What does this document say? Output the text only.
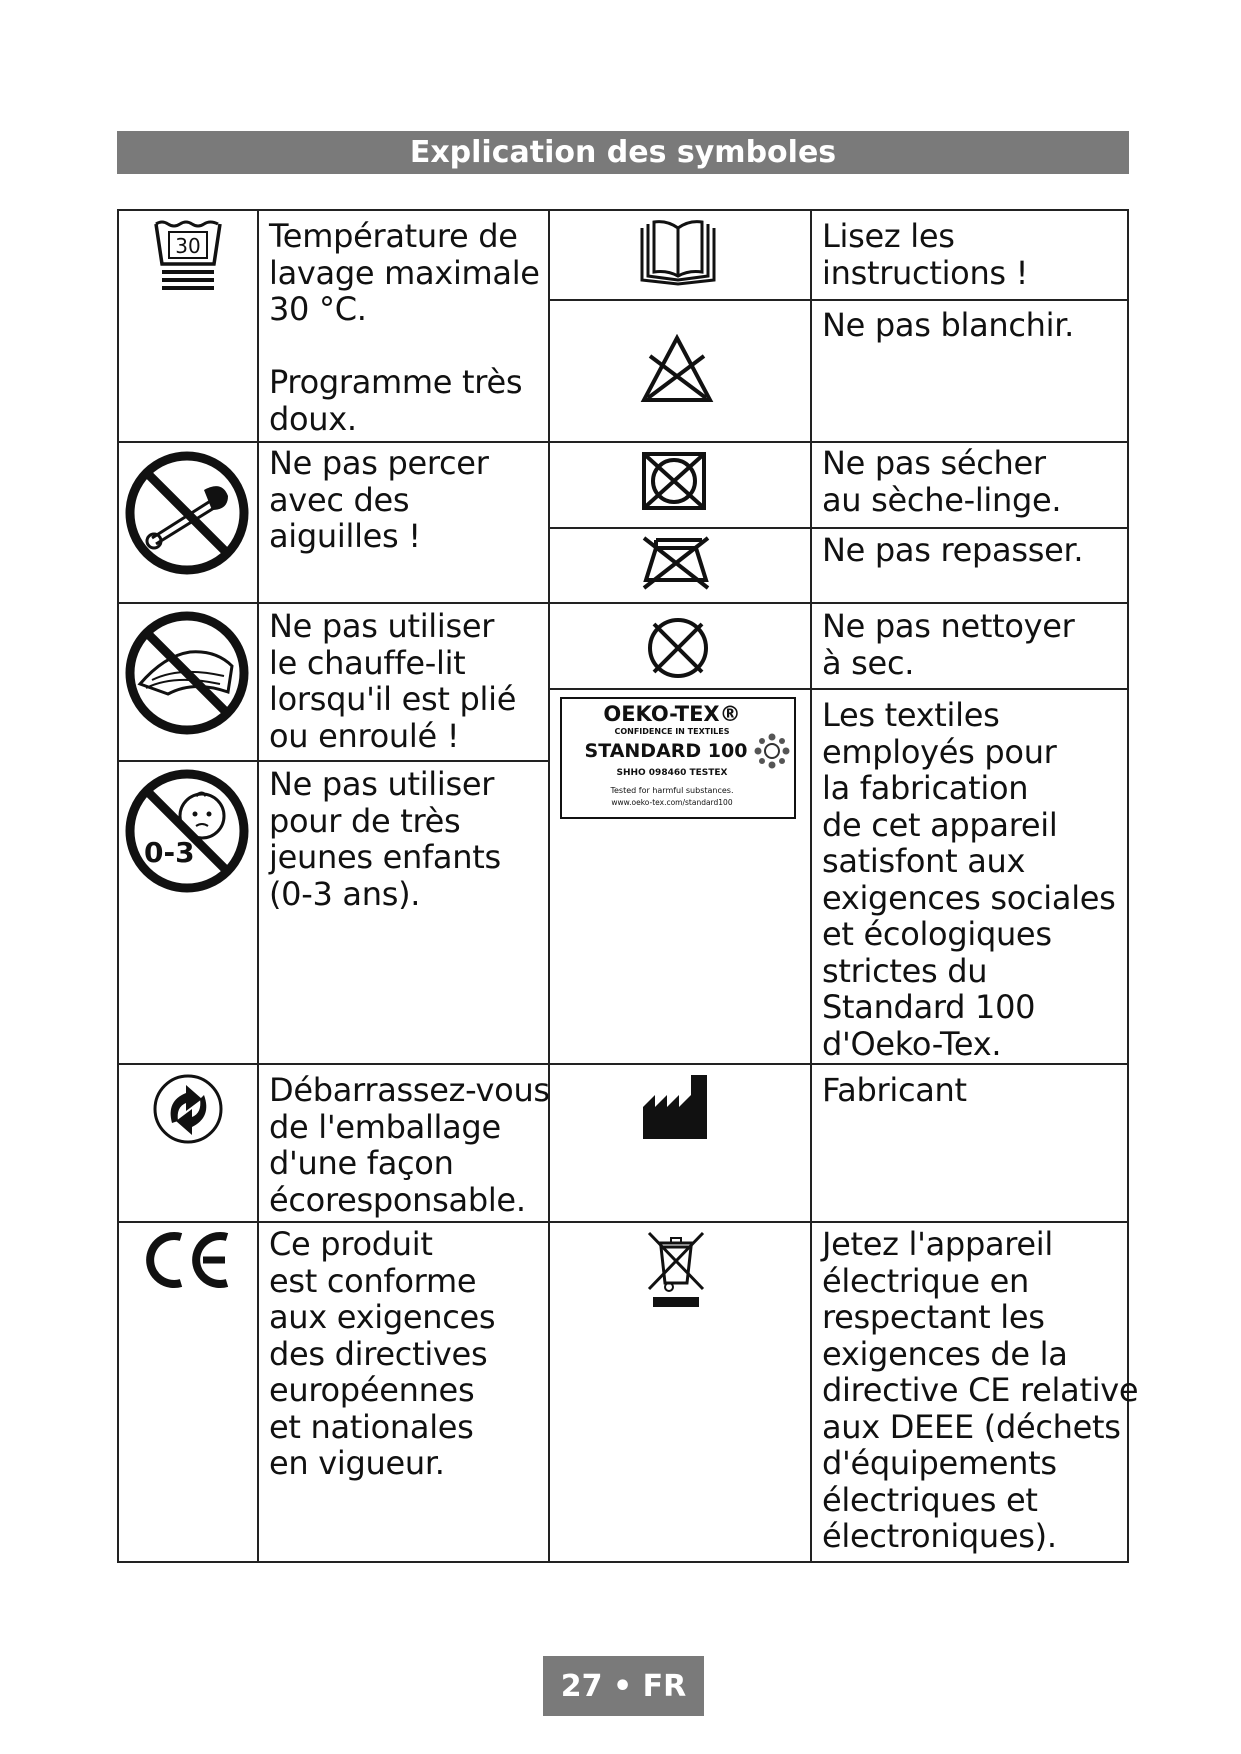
Explication des symboles
30 Température de
lavage maximale
30 °C.

Programme très
doux.
Lisez les
instructions !
Ne pas blanchir.
Ne pas percer
avec des
aiguilles !
Ne pas sécher
au sèche-linge.
Ne pas repasser.
Ne pas utiliser
le chauffe-lit
lorsqu'il est plié
ou enroulé !
Ne pas nettoyer
à sec.
0-3
Ne pas utiliser
pour de très
jeunes enfants
(0-3 ans).
OEKO-TEX®
CONFIDENCE IN TEXTILES
STANDARD 100
SHHO 098460 TESTEX
Tested for harmful substances.
www.oeko-tex.com/standard100
Les textiles
employés pour
la fabrication
de cet appareil
satisfont aux
exigences sociales
et écologiques
strictes du
Standard 100
d'Oeko-Tex.
Débarrassez-vous
de l'emballage
d'une façon
écoresponsable.
Fabricant
Ce produit
est conforme
aux exigences
des directives
européennes
et nationales
en vigueur.
Jetez l'appareil
électrique en
respectant les
exigences de la
directive CE relative
aux DEEE (déchets
d'équipements
électriques et
électroniques).
27 • FR
